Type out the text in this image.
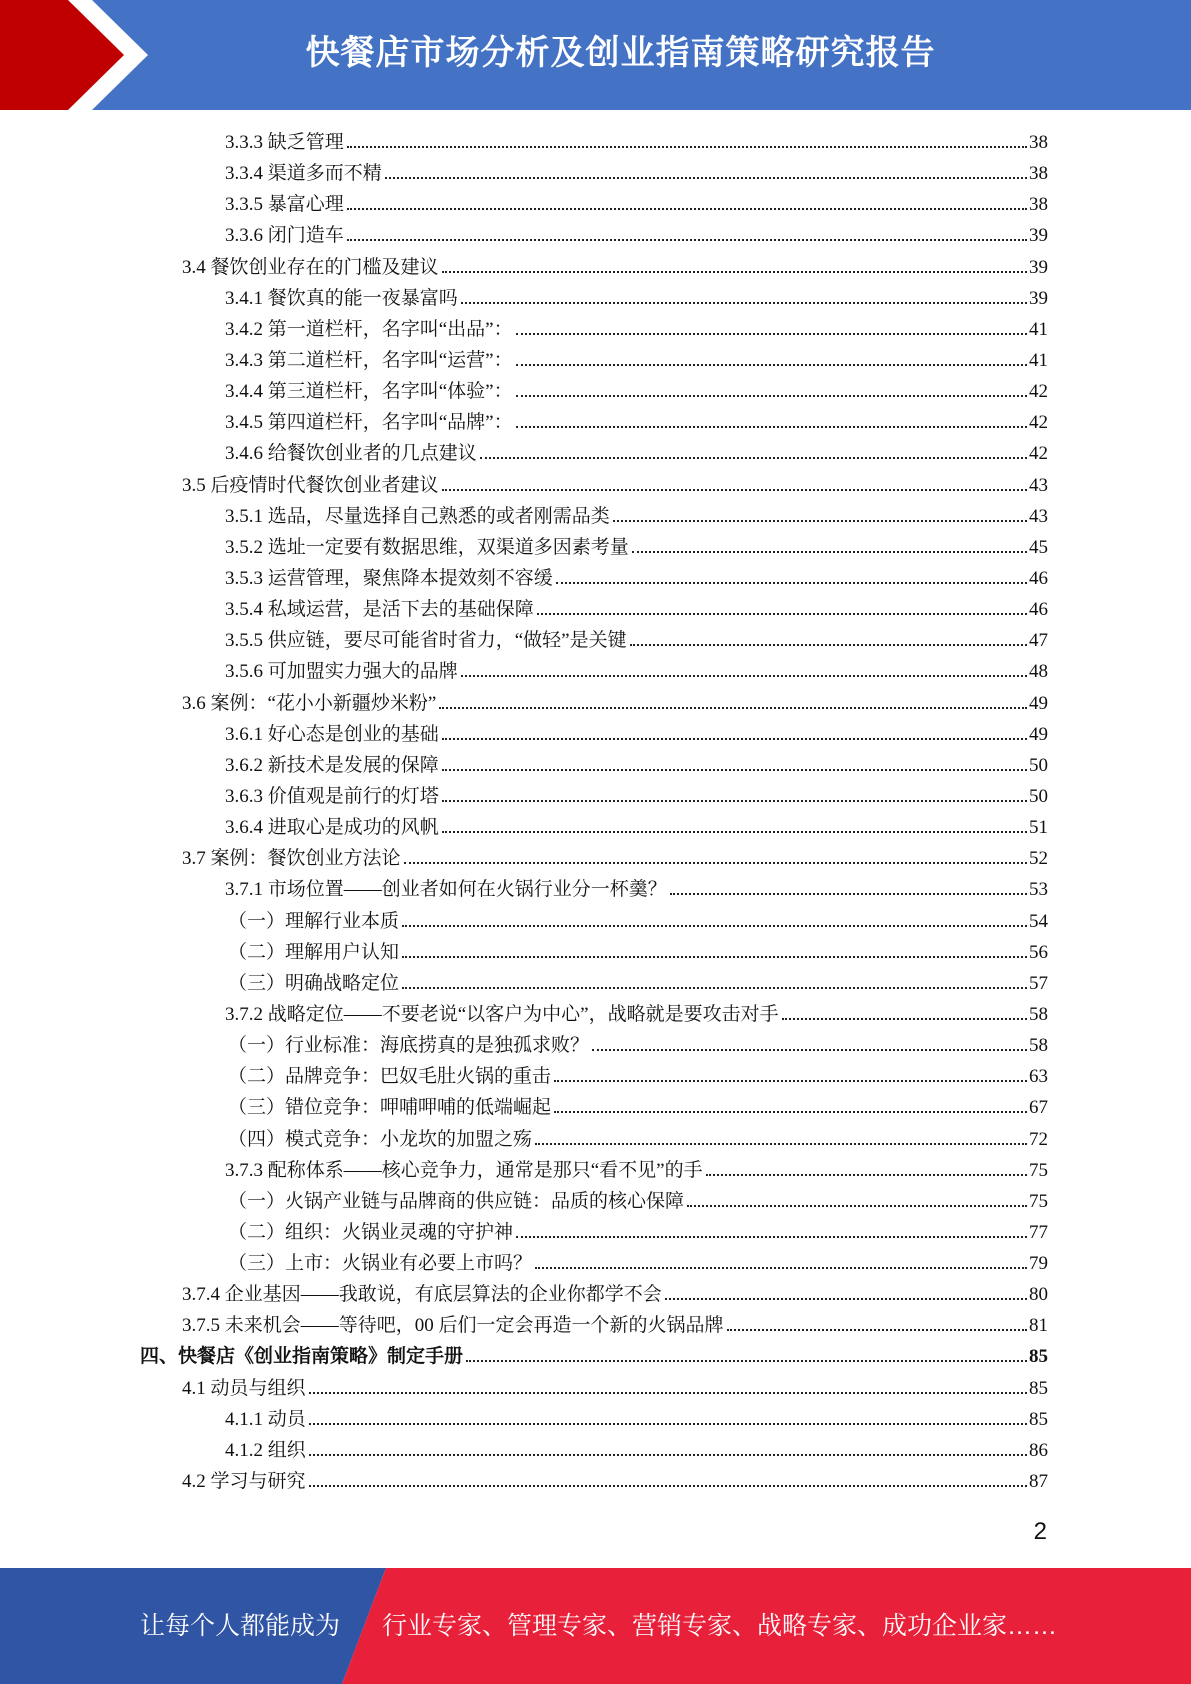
快餐店市场分析及创业指南策略研究报告
3.3.3 缺乏管理	38
3.3.4 渠道多而不精	38
3.3.5 暴富心理	38
3.3.6 闭门造车	39
3.4 餐饮创业存在的门槛及建议	39
3.4.1 餐饮真的能一夜暴富吗	39
3.4.2 第一道栏杆，名字叫“出品”：	41
3.4.3 第二道栏杆，名字叫“运营”：	41
3.4.4 第三道栏杆，名字叫“体验”：	42
3.4.5 第四道栏杆，名字叫“品牌”：	42
3.4.6 给餐饮创业者的几点建议	42
3.5 后疫情时代餐饮创业者建议	43
3.5.1 选品，尽量选择自己熟悉的或者刚需品类	43
3.5.2 选址一定要有数据思维，双渠道多因素考量	45
3.5.3 运营管理，聚焦降本提效刻不容缓	46
3.5.4 私域运营，是活下去的基础保障	46
3.5.5 供应链，要尽可能省时省力，“做轻”是关键	47
3.5.6 可加盟实力强大的品牌	48
3.6 案例：“花小小新疆炒米粉”	49
3.6.1 好心态是创业的基础	49
3.6.2 新技术是发展的保障	50
3.6.3 价值观是前行的灯塔	50
3.6.4 进取心是成功的风帆	51
3.7 案例：餐饮创业方法论	52
3.7.1 市场位置——创业者如何在火锅行业分一杯羹？	53
（一）理解行业本质	54
（二）理解用户认知	56
（三）明确战略定位	57
3.7.2 战略定位——不要老说“以客户为中心”，战略就是要攻击对手	58
（一）行业标准：海底捞真的是独孤求败？	58
（二）品牌竞争：巴奴毛肚火锅的重击	63
（三）错位竞争：呷哺呷哺的低端崛起	67
（四）模式竞争：小龙坎的加盟之殇	72
3.7.3 配称体系——核心竞争力，通常是那只“看不见”的手	75
（一）火锅产业链与品牌商的供应链：品质的核心保障	75
（二）组织：火锅业灵魂的守护神	77
（三）上市：火锅业有必要上市吗？	79
3.7.4 企业基因——我敢说，有底层算法的企业你都学不会	80
3.7.5 未来机会——等待吧，00 后们一定会再造一个新的火锅品牌	81
四、快餐店《创业指南策略》制定手册	85
4.1 动员与组织	85
4.1.1 动员	85
4.1.2 组织	86
4.2 学习与研究	87
2
让每个人都能成为	行业专家、管理专家、营销专家、战略专家、成功企业家……
